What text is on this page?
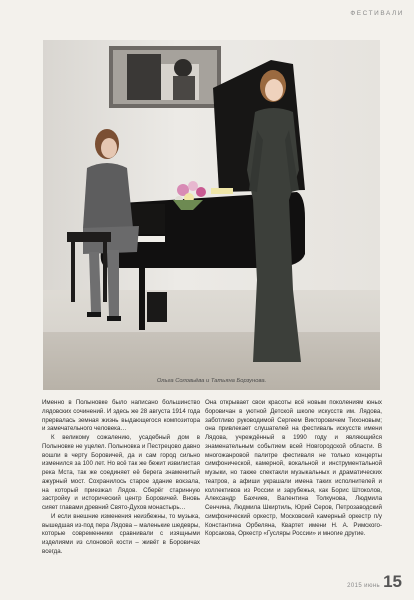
ФЕСТИВАЛИ
Ольга Соловьёва и Татьяна Борзунова.

Именно в Полыновке было написано большинство лядовских сочинений. И здесь же 28 августа 1914 года прервалась земная жизнь выдающегося композитора и замечательного человека…

К великому сожалению, усадебный дом в Полыновке не уцелел. Полыновка и Пестрецово давно вошли в черту Боровичей, да и сам город сильно изменился за 100 лет. Но всё так же бежит извилистая река Мста, так же соединяет её берега знаменитый ажурный мост. Сохранилось старое здание вокзала, на который приезжал Лядов. Сберёг старинную застройку и исторический центр Боровичей. Вновь сияет главами древний Свято-Духов монастырь…

И если внешние изменения неизбежны, то музыка, вышедшая из-под пера Лядова – маленькие шедевры, которые современники сравнивали с изящными изделиями из слоновой кости – живёт в Боровичах всегда.

Она открывает свои красоты всё новым поколениям юных боровичан в уютной Детской школе искусств им. Лядова, заботливо руководимой Сергеем Викторовичем Тихоновым; она привлекает слушателей на фестиваль искусств имени Лядова, учреждённый в 1990 году и являющийся знаменательным событием всей Новгородской области. В многожанровой палитре фестиваля не только концерты симфонической, камерной, вокальной и инструментальной музыки, но также спектакли музыкальных и драматических театров, а афиши украшали имена таких исполнителей и коллективов из России и зарубежья, как Борис Штоколов, Александр Бахчиев, Валентина Толкунова, Людмила Сенчина, Людмила Шкиртиль, Юрий Серов, Петрозаводский симфонический оркестр, Московский камерный оркестр п/у Константина Орбеляна, Квартет имени Н. А. Римского-Корсакова, Оркестр «Гусляры России» и многие другие.

2015 июнь 15
